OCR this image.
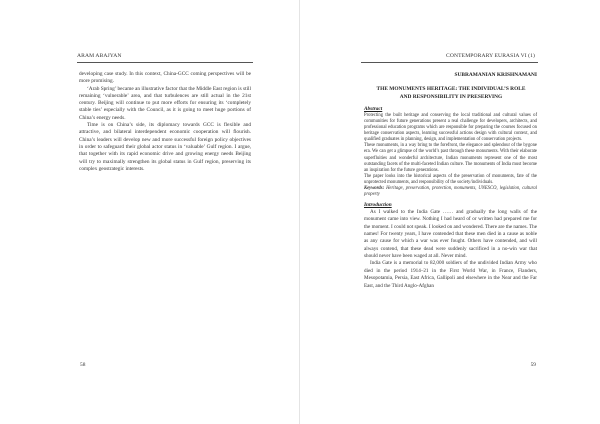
ARAM ABAJYAN

developing case study. In this context, China-GCC coming perspectives will be more promising.

‘Arab Spring’ became an illustrative factor that the Middle East region is still remaining ‘vulnerable’ area, and that turbulences are still actual in the 21st century. Beijing will continue to put more efforts for ensuring its ‘completely stable ties’ especially with the Council, as it is going to meet huge portions of China’s energy needs.

Time is on China’s side, its diplomacy towards GCC is flexible and attractive, and bilateral interdependent economic cooperation will flourish. China’s leaders will develop new and more successful foreign policy objectives in order to safeguard their global actor status in ‘valuable’ Gulf region. I argue, that together with its rapid economic drive and growing energy needs Beijing will try to maximally strengthen its global status in Gulf region, preserving its complex geostrategic interests.

58
CONTEMPORARY EURASIA VI (1)
SUBRAMANIAN KRISHNAMANI
THE MONUMENTS HERITAGE: THE INDIVIDUAL’S ROLE
AND RESPONSIBILITY IN PRESERVING

Abstract

Protecting the built heritage and conserving the local traditional and cultural values of communities for future generations present a real challenge for developers, architects, and professional education programs which are responsible for preparing the courses focused on heritage conservation aspects, learning successful actions design with cultural context, and qualified graduates in planning, design, and implementation of conservation projects.

These monuments, in a way bring to the forefront, the elegance and splendour of the bygone era. We can get a glimpse of the world’s past through these monuments. With their elaborate superfluities and wonderful architecture, Indian monuments represent one of the most outstanding facets of the multi-faceted Indian culture. The monuments of India must become an inspiration for the future generations.

The paper looks into the historical aspects of the preservation of monuments, fate of the unprotected monuments, and responsibility of the society/individuals.

Keywords: Heritage, preservation, protection, monuments, UNESCO, legislation, cultural property

Introduction

As I walked to the India Gate …… and gradually the long walls of the monument came into view. Nothing I had heard of or written had prepared me for the moment. I could not speak. I looked on and wondered. There are the names. The names! For twenty years, I have contended that these men died in a cause as noble as any cause for which a war was ever fought. Others have contended, and will always contend, that these dead were suddenly sacrificed in a no-win war that should never have been waged at all. Never mind.

India Gate is a memorial to 82,000 soldiers of the undivided Indian Army who died in the period 1914–21 in the First World War, in France, Flanders, Mesopotamia, Persia, East Africa, Gallipoli and elsewhere in the Near and the Far East, and the Third Anglo-Afghan

59
